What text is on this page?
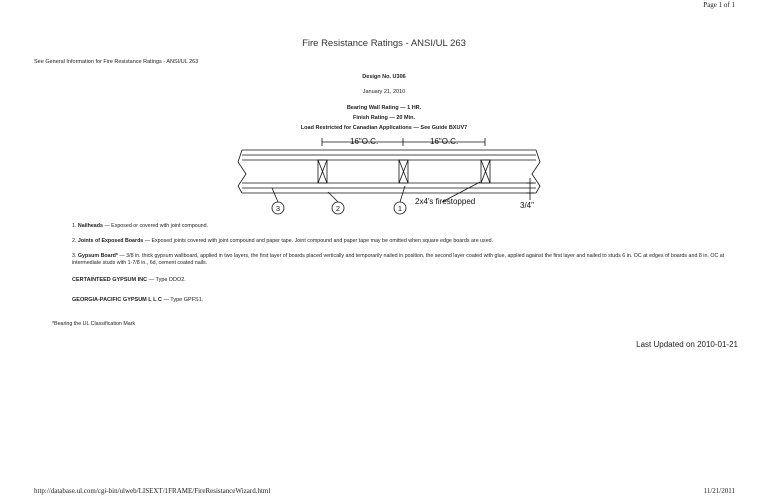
Page 1 of 1
Fire Resistance Ratings - ANSI/UL 263
See General Information for Fire Resistance Ratings - ANSI/UL 263
Design No. U306
January 21, 2010
Bearing Wall Rating — 1 HR.
Finish Rating — 20 Min.
Load Restricted for Canadian Applications — See Guide BXUV7
16"O.C.	16"O.C.
3	2	1
2x4's firestopped	3/4"
1. Nailheads — Exposed or covered with joint compound.
2. Joints of Exposed Boards — Exposed joints covered with joint compound and paper tape. Joint compound and paper tape may be omitted when square edge boards are used.
3. Gypsum Board* — 3/8 in. thick gypsum wallboard, applied in two layers, the first layer of boards placed vertically and temporarily nailed in position, the second layer coated with glue, applied against the first layer and nailed to studs 6 in. OC at edges of boards and 8 in. OC at intermediate studs with 1-7/8 in., 6d, cement coated nails.
CERTAINTEED GYPSUM INC — Type DDO2.
GEORGIA-PACIFIC GYPSUM L L C — Type GPFS1.
*Bearing the UL Classification Mark
Last Updated on 2010-01-21
http://database.ul.com/cgi-bin/ulweb/LISEXT/1FRAME/FireResistanceWizard.html	11/21/2011
